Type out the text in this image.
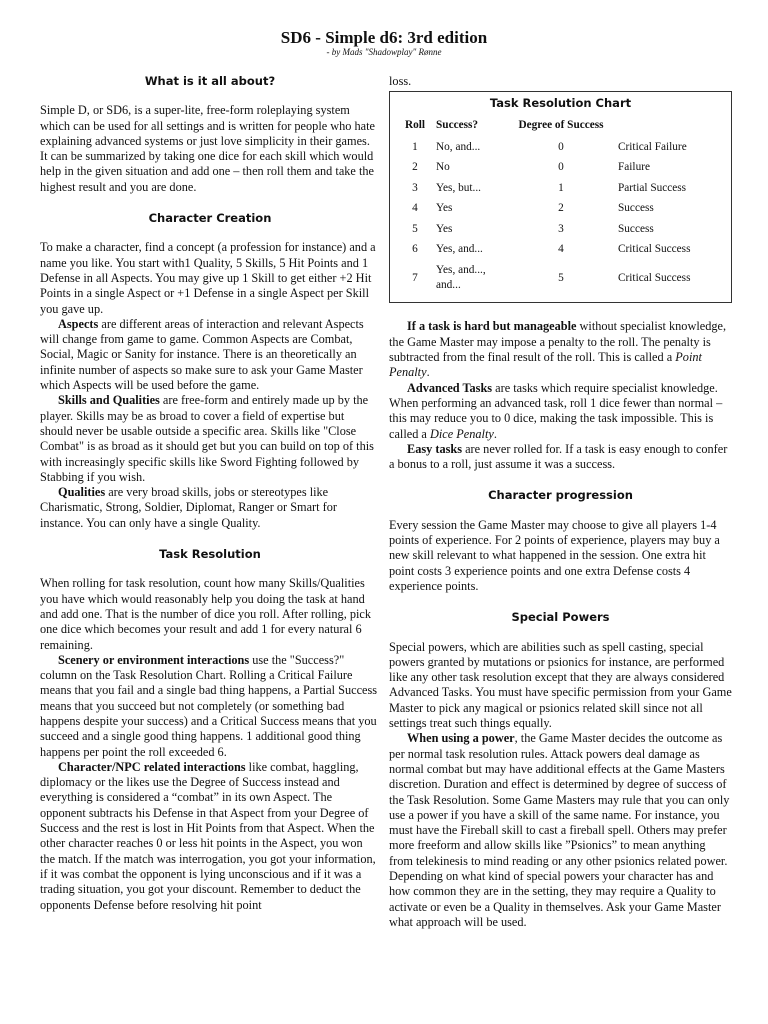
SD6 - Simple d6: 3rd edition
- by Mads "Shadowplay" Rønne
What is it all about?

Simple D, or SD6, is a super-lite, free-form roleplaying system which can be used for all settings and is written for people who hate explaining advanced systems or just love simplicity in their games. It can be summarized by taking one dice for each skill which would help in the given situation and add one – then roll them and take the highest result and you are done.

Character Creation

To make a character, find a concept (a profession for instance) and a name you like. You start with1 Quality, 5 Skills, 5 Hit Points and 1 Defense in all Aspects. You may give up 1 Skill to get either +2 Hit Points in a single Aspect or +1 Defense in a single Aspect per Skill you gave up.

Aspects are different areas of interaction and relevant Aspects will change from game to game. Common Aspects are Combat, Social, Magic or Sanity for instance. There is an theoretically an infinite number of aspects so make sure to ask your Game Master which Aspects will be used before the game.

Skills and Qualities are free-form and entirely made up by the player. Skills may be as broad to cover a field of expertise but should never be usable outside a specific area. Skills like "Close Combat" is as broad as it should get but you can build on top of this with increasingly specific skills like Sword Fighting followed by Stabbing if you wish.

Qualities are very broad skills, jobs or stereotypes like Charismatic, Strong, Soldier, Diplomat, Ranger or Smart for instance. You can only have a single Quality.

Task Resolution

When rolling for task resolution, count how many Skills/Qualities you have which would reasonably help you doing the task at hand and add one. That is the number of dice you roll. After rolling, pick one dice which becomes your result and add 1 for every natural 6 remaining.

Scenery or environment interactions use the "Success?" column on the Task Resolution Chart. Rolling a Critical Failure means that you fail and a single bad thing happens, a Partial Success means that you succeed but not completely (or something bad happens despite your success) and a Critical Success means that you succeed and a single good thing happens. 1 additional good thing happens per point the roll exceeded 6.

Character/NPC related interactions like combat, haggling, diplomacy or the likes use the Degree of Success instead and everything is considered a “combat” in its own Aspect. The opponent subtracts his Defense in that Aspect from your Degree of Success and the rest is lost in Hit Points from that Aspect. When the other character reaches 0 or less hit points in the Aspect, you won the match. If the match was interrogation, you got your information, if it was combat the opponent is lying unconscious and if it was a trading situation, you got your discount. Remember to deduct the opponents Defense before resolving hit point

loss.

Task Resolution Chart
Roll	Success?	Degree of Success	
1	No, and...	0	Critical Failure
2	No	0	Failure
3	Yes, but...	1	Partial Success
4	Yes	2	Success
5	Yes	3	Success
6	Yes, and...	4	Critical Success
7	Yes, and..., and...	5	Critical Success

If a task is hard but manageable without specialist knowledge, the Game Master may impose a penalty to the roll. The penalty is subtracted from the final result of the roll. This is called a Point Penalty.

Advanced Tasks are tasks which require specialist knowledge. When performing an advanced task, roll 1 dice fewer than normal – this may reduce you to 0 dice, making the task impossible. This is called a Dice Penalty.

Easy tasks are never rolled for. If a task is easy enough to confer a bonus to a roll, just assume it was a success.

Character progression

Every session the Game Master may choose to give all players 1-4 points of experience. For 2 points of experience, players may buy a new skill relevant to what happened in the session. One extra hit point costs 3 experience points and one extra Defense costs 4 experience points.

Special Powers

Special powers, which are abilities such as spell casting, special powers granted by mutations or psionics for instance, are performed like any other task resolution except that they are always considered Advanced Tasks. You must have specific permission from your Game Master to pick any magical or psionics related skill since not all settings treat such things equally.

When using a power, the Game Master decides the outcome as per normal task resolution rules. Attack powers deal damage as normal combat but may have additional effects at the Game Masters discretion. Duration and effect is determined by degree of success of the Task Resolution. Some Game Masters may rule that you can only use a power if you have a skill of the same name. For instance, you must have the Fireball skill to cast a fireball spell. Others may prefer more freeform and allow skills like ”Psionics” to mean anything from telekinesis to mind reading or any other psionics related power. Depending on what kind of special powers your character has and how common they are in the setting, they may require a Quality to activate or even be a Quality in themselves. Ask your Game Master what approach will be used.
